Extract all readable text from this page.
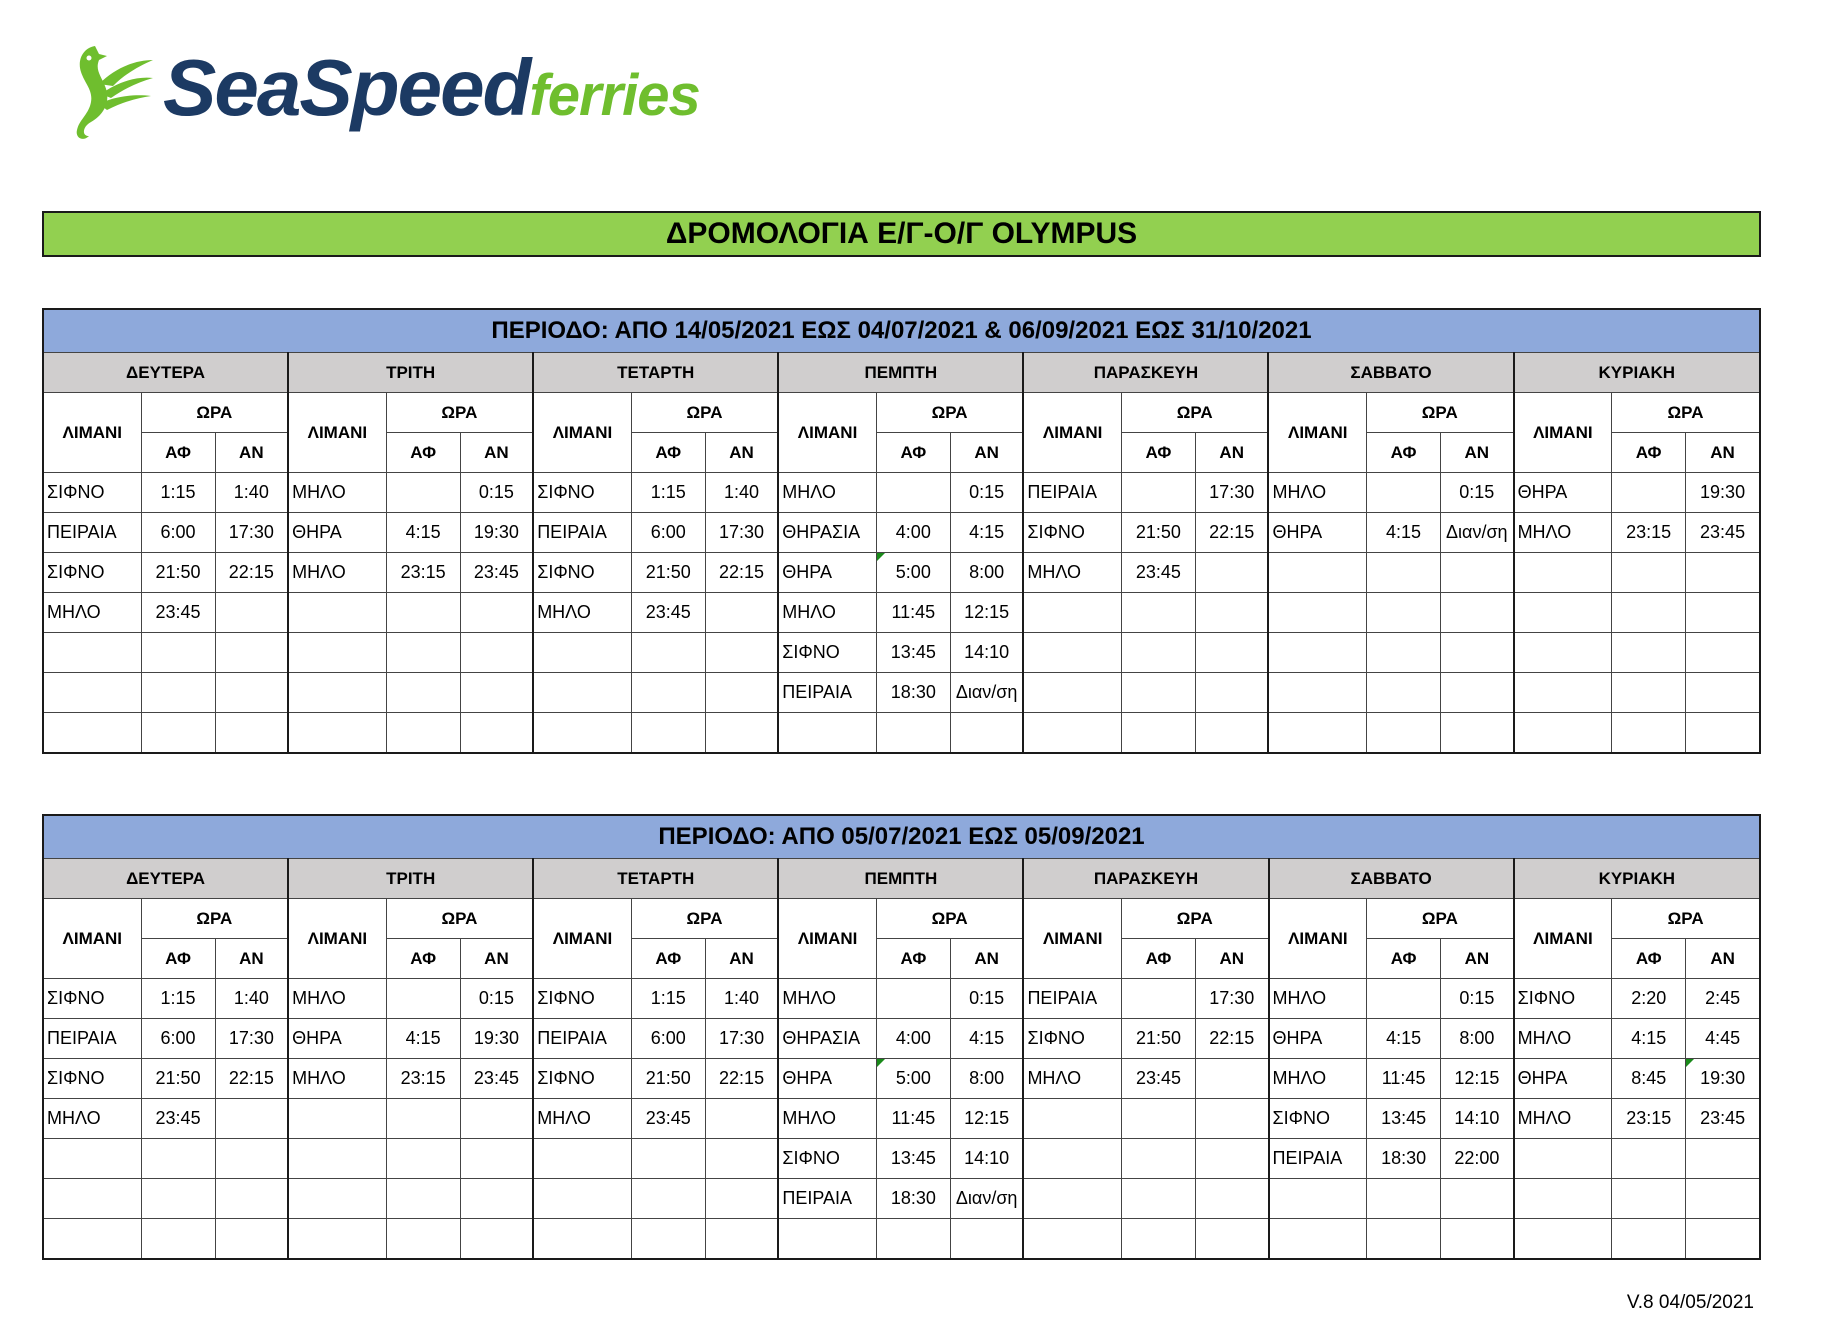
SeaSpeedferries
ΔΡΟΜΟΛΟΓΙΑ Ε/Γ-Ο/Γ OLYMPUS
ΠΕΡΙΟΔΟ: ΑΠΟ 14/05/2021 ΕΩΣ 04/07/2021 & 06/09/2021 ΕΩΣ 31/10/2021																				
ΔΕΥΤΕΡΑ			ΤΡΙΤΗ			ΤΕΤΑΡΤΗ			ΠΕΜΠΤΗ			ΠΑΡΑΣΚΕΥΗ			ΣΑΒΒΑΤΟ			ΚΥΡΙΑΚΗ		
ΛΙΜΑΝΙ	ΩΡΑ		ΛΙΜΑΝΙ	ΩΡΑ		ΛΙΜΑΝΙ	ΩΡΑ		ΛΙΜΑΝΙ	ΩΡΑ		ΛΙΜΑΝΙ	ΩΡΑ		ΛΙΜΑΝΙ	ΩΡΑ		ΛΙΜΑΝΙ	ΩΡΑ	
	ΑΦ	ΑΝ		ΑΦ	ΑΝ		ΑΦ	ΑΝ		ΑΦ	ΑΝ		ΑΦ	ΑΝ		ΑΦ	ΑΝ		ΑΦ	ΑΝ
ΣΙΦΝΟ	1:15	1:40	ΜΗΛΟ		0:15	ΣΙΦΝΟ	1:15	1:40	ΜΗΛΟ		0:15	ΠΕΙΡΑΙΑ		17:30	ΜΗΛΟ		0:15	ΘΗΡΑ		19:30
ΠΕΙΡΑΙΑ	6:00	17:30	ΘΗΡΑ	4:15	19:30	ΠΕΙΡΑΙΑ	6:00	17:30	ΘΗΡΑΣΙΑ	4:00	4:15	ΣΙΦΝΟ	21:50	22:15	ΘΗΡΑ	4:15	Διαν/ση	ΜΗΛΟ	23:15	23:45
ΣΙΦΝΟ	21:50	22:15	ΜΗΛΟ	23:15	23:45	ΣΙΦΝΟ	21:50	22:15	ΘΗΡΑ	5:00	8:00	ΜΗΛΟ	23:45							
ΜΗΛΟ	23:45					ΜΗΛΟ	23:45		ΜΗΛΟ	11:45	12:15									
									ΣΙΦΝΟ	13:45	14:10									
									ΠΕΙΡΑΙΑ	18:30	Διαν/ση									

ΠΕΡΙΟΔΟ: ΑΠΟ 05/07/2021 ΕΩΣ 05/09/2021																				
ΔΕΥΤΕΡΑ			ΤΡΙΤΗ			ΤΕΤΑΡΤΗ			ΠΕΜΠΤΗ			ΠΑΡΑΣΚΕΥΗ			ΣΑΒΒΑΤΟ			ΚΥΡΙΑΚΗ		
ΛΙΜΑΝΙ	ΩΡΑ		ΛΙΜΑΝΙ	ΩΡΑ		ΛΙΜΑΝΙ	ΩΡΑ		ΛΙΜΑΝΙ	ΩΡΑ		ΛΙΜΑΝΙ	ΩΡΑ		ΛΙΜΑΝΙ	ΩΡΑ		ΛΙΜΑΝΙ	ΩΡΑ	
	ΑΦ	ΑΝ		ΑΦ	ΑΝ		ΑΦ	ΑΝ		ΑΦ	ΑΝ		ΑΦ	ΑΝ		ΑΦ	ΑΝ		ΑΦ	ΑΝ
ΣΙΦΝΟ	1:15	1:40	ΜΗΛΟ		0:15	ΣΙΦΝΟ	1:15	1:40	ΜΗΛΟ		0:15	ΠΕΙΡΑΙΑ		17:30	ΜΗΛΟ		0:15	ΣΙΦΝΟ	2:20	2:45
ΠΕΙΡΑΙΑ	6:00	17:30	ΘΗΡΑ	4:15	19:30	ΠΕΙΡΑΙΑ	6:00	17:30	ΘΗΡΑΣΙΑ	4:00	4:15	ΣΙΦΝΟ	21:50	22:15	ΘΗΡΑ	4:15	8:00	ΜΗΛΟ	4:15	4:45
ΣΙΦΝΟ	21:50	22:15	ΜΗΛΟ	23:15	23:45	ΣΙΦΝΟ	21:50	22:15	ΘΗΡΑ	5:00	8:00	ΜΗΛΟ	23:45		ΜΗΛΟ	11:45	12:15	ΘΗΡΑ	8:45	19:30
ΜΗΛΟ	23:45					ΜΗΛΟ	23:45		ΜΗΛΟ	11:45	12:15				ΣΙΦΝΟ	13:45	14:10	ΜΗΛΟ	23:15	23:45
									ΣΙΦΝΟ	13:45	14:10				ΠΕΙΡΑΙΑ	18:30	22:00			
									ΠΕΙΡΑΙΑ	18:30	Διαν/ση									

V.8 04/05/2021
